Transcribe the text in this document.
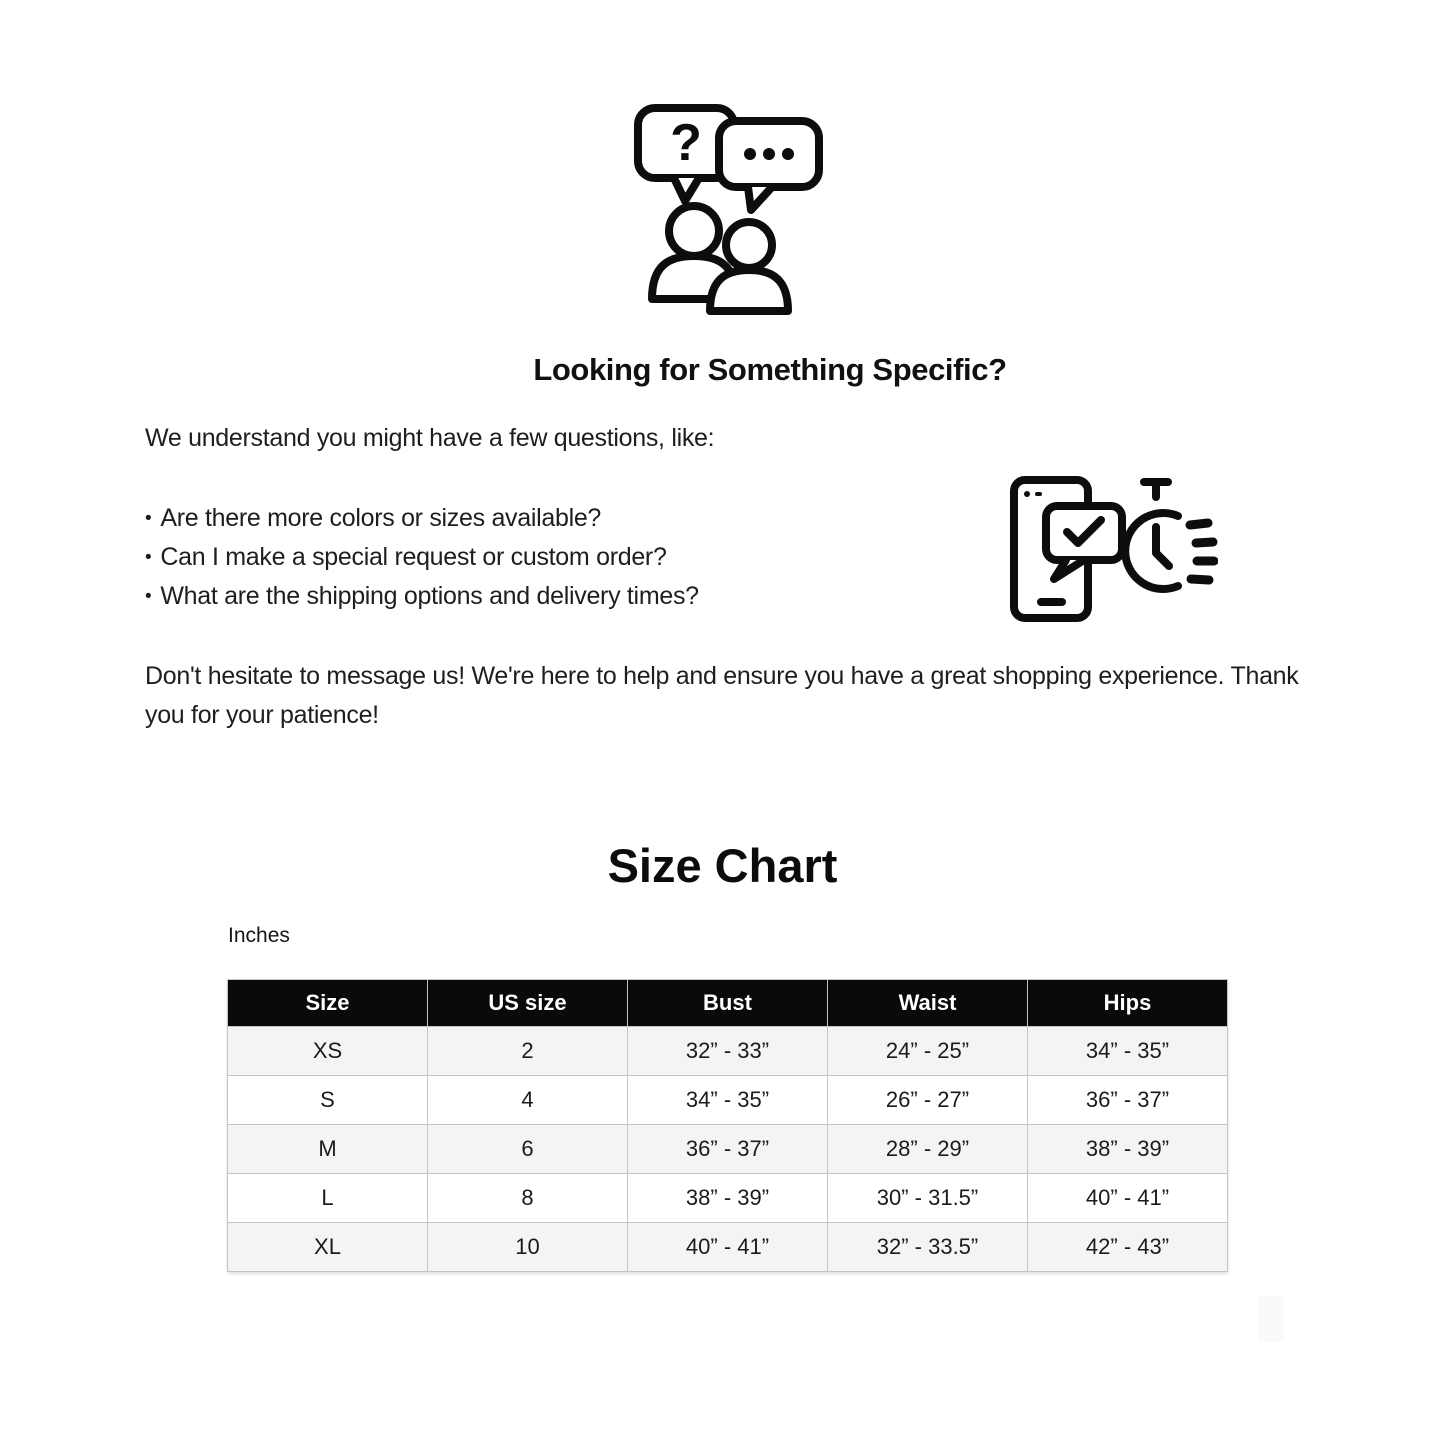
?
Looking for Something Specific?

We understand you might have a few questions, like:

• Are there more colors or sizes available?
• Can I make a special request or custom order?
• What are the shipping options and delivery times?

Don't hesitate to message us! We're here to help and ensure you have a great shopping experience. Thank you for your patience!

Size Chart
Inches
Size	US size	Bust	Waist	Hips
XS	2	32” - 33”	24” - 25”	34” - 35”
S	4	34” - 35”	26” - 27”	36” - 37”
M	6	36” - 37”	28” - 29”	38” - 39”
L	8	38” - 39”	30” - 31.5”	40” - 41”
XL	10	40” - 41”	32” - 33.5”	42” - 43”
